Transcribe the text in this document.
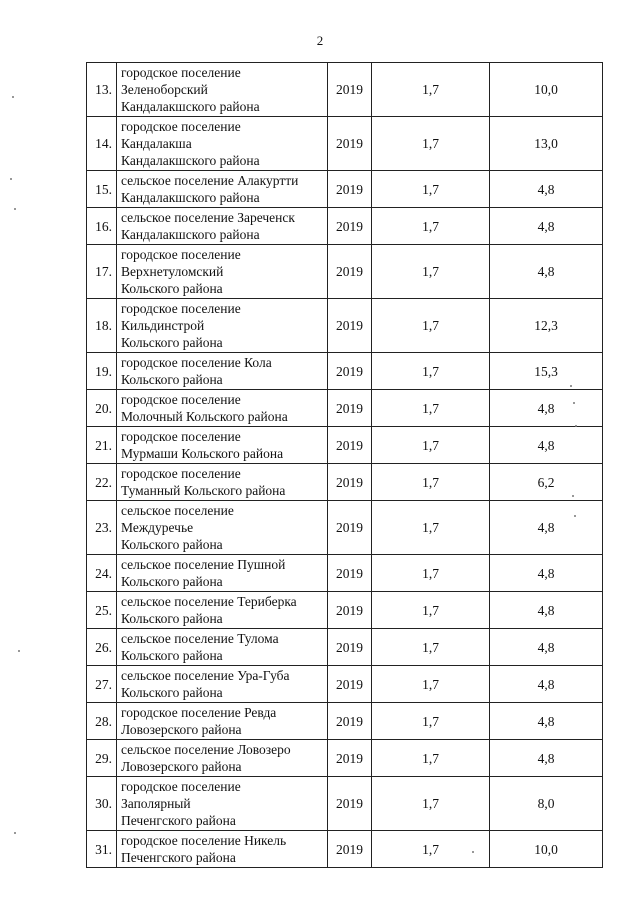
2
13.	городское поселение
Зеленоборский
Кандалакшского района	2019	1,7	10,0
14.	городское поселение
Кандалакша
Кандалакшского района	2019	1,7	13,0
15.	сельское поселение Алакуртти
Кандалакшского района	2019	1,7	4,8
16.	сельское поселение Зареченск
Кандалакшского района	2019	1,7	4,8
17.	городское поселение
Верхнетуломский
Кольского района	2019	1,7	4,8
18.	городское поселение
Кильдинстрой
Кольского района	2019	1,7	12,3
19.	городское поселение Кола
Кольского района	2019	1,7	15,3
20.	городское поселение
Молочный Кольского района	2019	1,7	4,8
21.	городское поселение
Мурмаши Кольского района	2019	1,7	4,8
22.	городское поселение
Туманный Кольского района	2019	1,7	6,2
23.	сельское поселение
Междуречье
Кольского района	2019	1,7	4,8
24.	сельское поселение Пушной
Кольского района	2019	1,7	4,8
25.	сельское поселение Териберка
Кольского района	2019	1,7	4,8
26.	сельское поселение Тулома
Кольского района	2019	1,7	4,8
27.	сельское поселение Ура-Губа
Кольского района	2019	1,7	4,8
28.	городское поселение Ревда
Ловозерского района	2019	1,7	4,8
29.	сельское поселение Ловозеро
Ловозерского района	2019	1,7	4,8
30.	городское поселение
Заполярный
Печенгского района	2019	1,7	8,0
31.	городское поселение Никель
Печенгского района	2019	1,7	10,0
